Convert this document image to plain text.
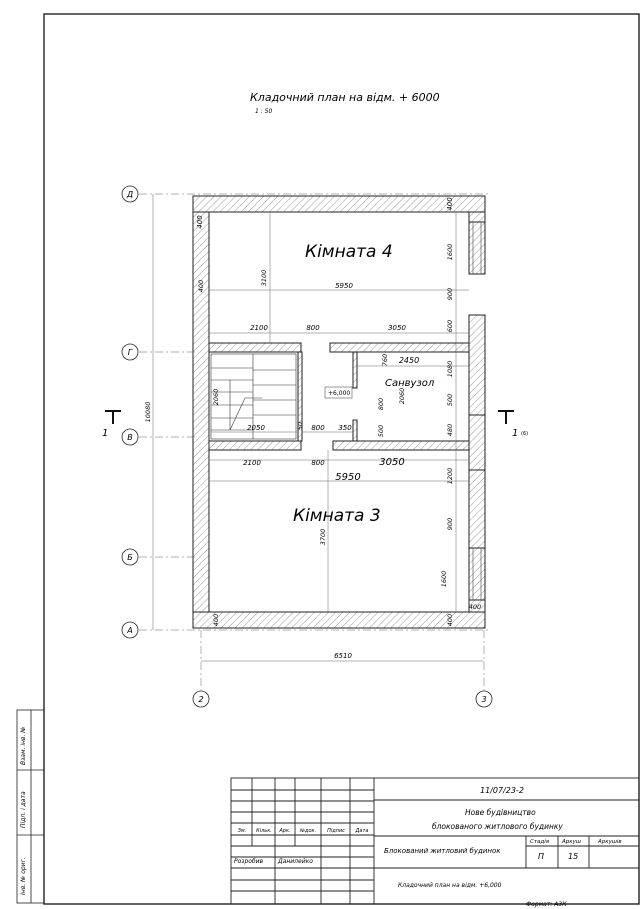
Кладочний план на відм. + 6000
1 : 50
Д
Г
В
Б
А
2	3
1	1 (6)
Кімната 4
Кімната 3
Санвузол
+6,000
6510
5950
2100	800	3050
2450
2050	800 350
2100	800	3050
5950
400
400
10080
400	3100
1600
900
600
760
1080
800 2060	500
500	480
2060
50
1200
900
3700
1600
400
400	400
Взам. інв. №
Підп. і дата
Інв. № ориг.
11/07/23-2
Нове будівництво
блокованого житлового будинку
Зм. Кільк. Арк. №док. Підпис Дата
Розробив Данилейко
Блокований житловий будинок
Стадія Аркуш	Аркушів
П	15
Кладочний план на відм. +6,000
Формат: А3К
